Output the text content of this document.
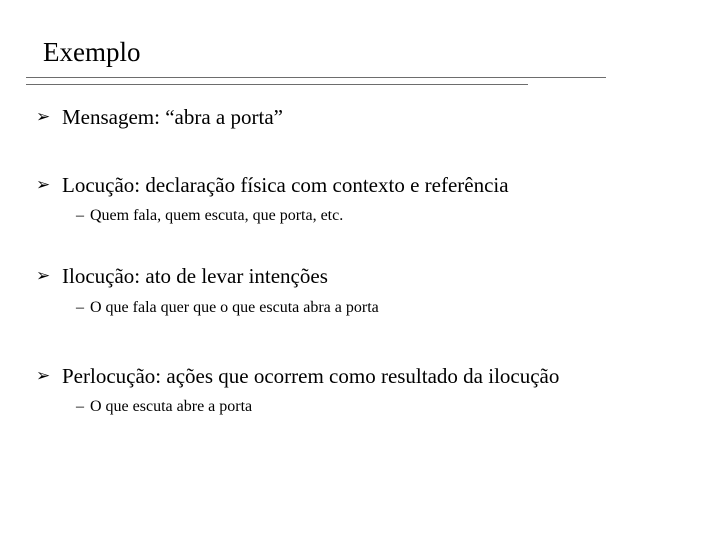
Exemplo
➢ Mensagem: “abra a porta”
➢ Locução: declaração física com contexto e referência
– Quem fala, quem escuta, que porta, etc.
➢ Ilocução: ato de levar intenções
– O que fala quer que o que escuta abra a porta
➢ Perlocução: ações que ocorrem como resultado da ilocução
– O que escuta abre a porta
